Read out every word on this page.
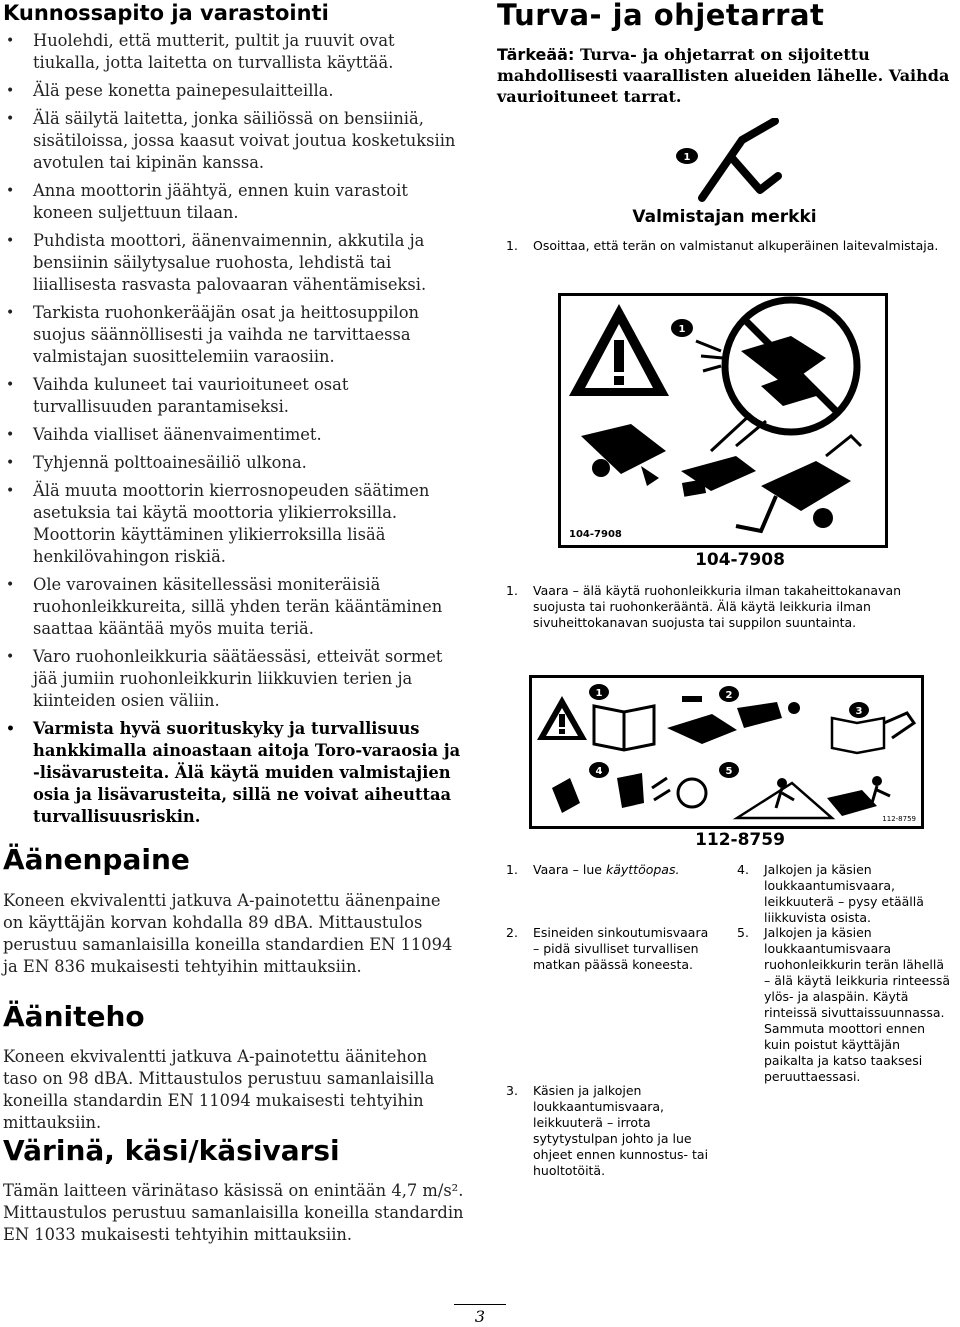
Kunnossapito ja varastointi
• Huolehdi, että mutterit, pultit ja ruuvit ovat tiukalla, jotta laitetta on turvallista käyttää.
• Älä pese konetta painepesulaitteilla.
• Älä säilytä laitetta, jonka säiliössä on bensiiniä, sisätiloissa, jossa kaasut voivat joutua kosketuksiin avotulen tai kipinän kanssa.
• Anna moottorin jäähtyä, ennen kuin varastoit koneen suljettuun tilaan.
• Puhdista moottori, äänenvaimennin, akkutila ja bensiinin säilytysalue ruohosta, lehdistä tai liiallisesta rasvasta palovaaran vähentämiseksi.
• Tarkista ruohonkerääjän osat ja heittosuppilon suojus säännöllisesti ja vaihda ne tarvittaessa valmistajan suosittelemiin varaosiin.
• Vaihda kuluneet tai vaurioituneet osat turvallisuuden parantamiseksi.
• Vaihda vialliset äänenvaimentimet.
• Tyhjennä polttoainesäiliö ulkona.
• Älä muuta moottorin kierrosnopeuden säätimen asetuksia tai käytä moottoria ylikierroksilla. Moottorin käyttäminen ylikierroksilla lisää henkilövahingon riskiä.
• Ole varovainen käsitellessäsi moniteräisiä ruohonleikkureita, sillä yhden terän kääntäminen saattaa kääntää myös muita teriä.
• Varo ruohonleikkuria säätäessäsi, etteivät sormet jää jumiin ruohonleikkurin liikkuvien terien ja kiinteiden osien väliin.
• Varmista hyvä suorituskyky ja turvallisuus hankkimalla ainoastaan aitoja Toro-varaosia ja -lisävarusteita. Älä käytä muiden valmistajien osia ja lisävarusteita, sillä ne voivat aiheuttaa turvallisuusriskin.
Äänenpaine

Koneen ekvivalentti jatkuva A-painotettu äänenpaine on käyttäjän korvan kohdalla 89 dBA. Mittaustulos perustuu samanlaisilla koneilla standardien EN 11094 ja EN 836 mukaisesti tehtyihin mittauksiin.

Ääniteho

Koneen ekvivalentti jatkuva A-painotettu äänitehon taso on 98 dBA. Mittaustulos perustuu samanlaisilla koneilla standardin EN 11094 mukaisesti tehtyihin mittauksiin.

Värinä, käsi/käsivarsi

Tämän laitteen värinätaso käsissä on enintään 4,7 m/s².

Mittaustulos perustuu samanlaisilla koneilla standardin EN 1033 mukaisesti tehtyihin mittauksiin.

Turva- ja ohjetarrat

Tärkeää: Turva- ja ohjetarrat on sijoitettu mahdollisesti vaarallisten alueiden lähelle. Vaihda vaurioituneet tarrat.

1
Valmistajan merkki
1. Osoittaa, että terän on valmistanut alkuperäinen laitevalmistaja.
1
104-7908
104-7908
1. Vaara – älä käytä ruohonleikkuria ilman takaheittokanavan suojusta tai ruohonkerääntä. Älä käytä leikkuria ilman sivuheittokanavan suojusta tai suppilon suuntainta.
1	2
3
4	5
112-8759
112-8759
1. Vaara – lue käyttöopas.
2. Esineiden sinkoutumisvaara – pidä sivulliset turvallisen matkan päässä koneesta.
3. Käsien ja jalkojen loukkaantumisvaara, leikkuuterä – irrota sytytystulpan johto ja lue ohjeet ennen kunnostus- tai huoltotöitä.
4. Jalkojen ja käsien loukkaantumisvaara, leikkuuterä – pysy etäällä liikkuvista osista.
5. Jalkojen ja käsien loukkaantumisvaara ruohonleikkurin terän lähellä – älä käytä leikkuria rinteessä ylös- ja alaspäin. Käytä rinteissä sivuttaissuunnassa. Sammuta moottori ennen kuin poistut käyttäjän paikalta ja katso taaksesi peruuttaessasi.
3
